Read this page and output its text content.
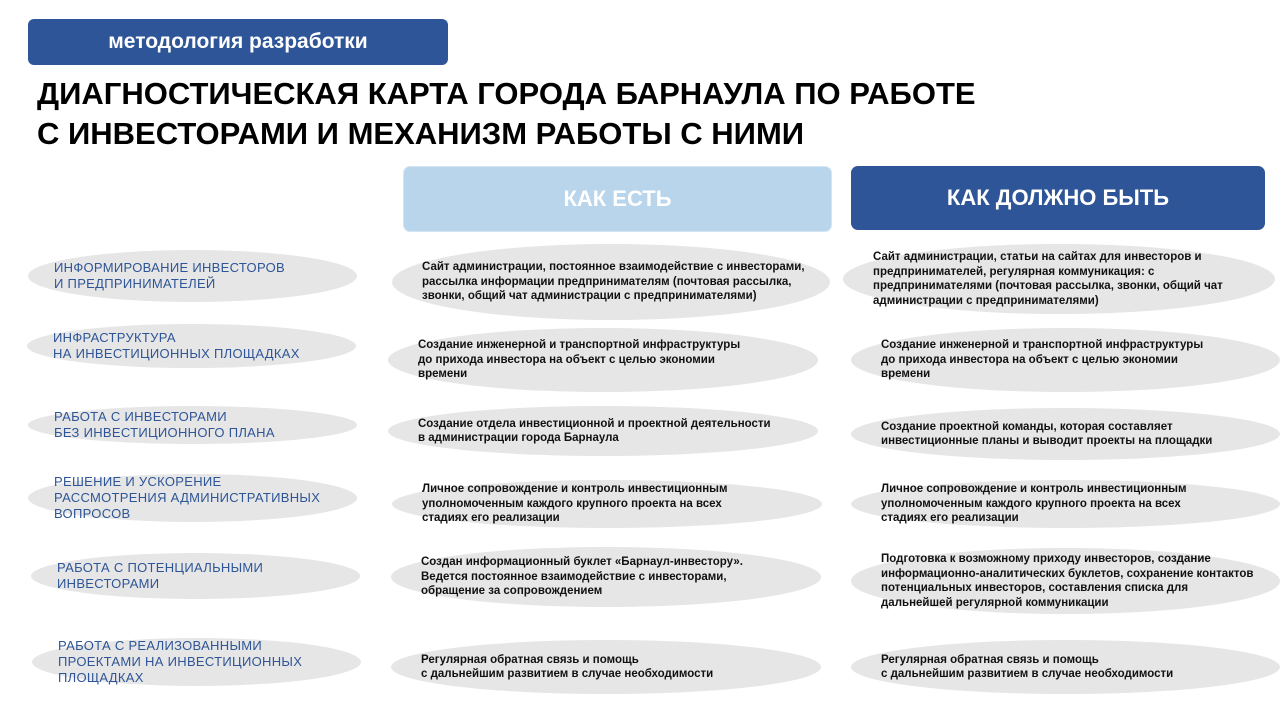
методология разработки
ДИАГНОСТИЧЕСКАЯ КАРТА ГОРОДА БАРНАУЛА ПО РАБОТЕ
С ИНВЕСТОРАМИ И МЕХАНИЗМ РАБОТЫ С НИМИ
КАК ЕСТЬ	КАК ДОЛЖНО БЫТЬ
ИНФОРМИРОВАНИЕ ИНВЕСТОРОВ
И ПРЕДПРИНИМАТЕЛЕЙ
Сайт администрации, постоянное взаимодействие с инвесторами, рассылка информации предпринимателям (почтовая рассылка, звонки, общий чат администрации с предпринимателями)
Сайт администрации, статьи на сайтах для инвесторов и предпринимателей, регулярная коммуникация: с предпринимателями (почтовая рассылка, звонки, общий чат администрации с предпринимателями)
ИНФРАСТРУКТУРА
НА ИНВЕСТИЦИОННЫХ ПЛОЩАДКАХ
Создание инженерной и транспортной инфраструктуры
до прихода инвестора на объект с целью экономии
времени
Создание инженерной и транспортной инфраструктуры
до прихода инвестора на объект с целью экономии
времени
РАБОТА С ИНВЕСТОРАМИ
БЕЗ ИНВЕСТИЦИОННОГО ПЛАНА
Создание отдела инвестиционной и проектной деятельности
в администрации города Барнаула
Создание проектной команды, которая составляет
инвестиционные планы и выводит проекты на площадки
РЕШЕНИЕ И УСКОРЕНИЕ
РАССМОТРЕНИЯ АДМИНИСТРАТИВНЫХ
ВОПРОСОВ
Личное сопровождение и контроль инвестиционным
уполномоченным каждого крупного проекта на всех
стадиях его реализации
Личное сопровождение и контроль инвестиционным
уполномоченным каждого крупного проекта на всех
стадиях его реализации
РАБОТА С ПОТЕНЦИАЛЬНЫМИ
ИНВЕСТОРАМИ
Создан информационный буклет «Барнаул-инвестору».
Ведется постоянное взаимодействие с инвесторами,
обращение за сопровождением
Подготовка к возможному приходу инвесторов, создание информационно-аналитических буклетов, сохранение контактов потенциальных инвесторов, составления списка для дальнейшей регулярной коммуникации
РАБОТА С РЕАЛИЗОВАННЫМИ
ПРОЕКТАМИ НА ИНВЕСТИЦИОННЫХ
ПЛОЩАДКАХ
Регулярная обратная связь и помощь
с дальнейшим развитием в случае необходимости
Регулярная обратная связь и помощь
с дальнейшим развитием в случае необходимости
